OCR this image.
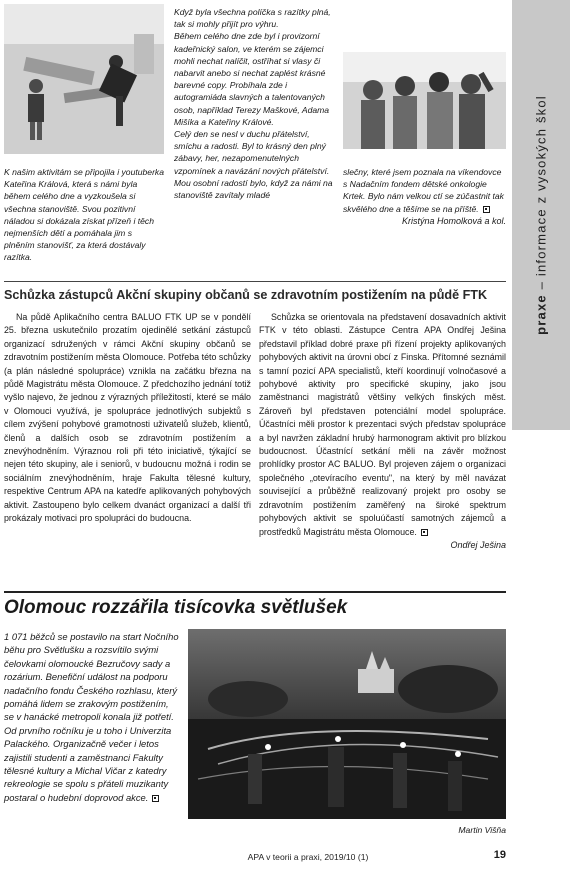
praxe – informace z vysokých škol

K našim aktivitám se připojila i youtuberka Kateřina Králová, která s námi byla během celého dne a vyzkoušela si všechna stanoviště. Svou pozitivní náladou si dokázala získat přízeň i těch nejmenších dětí a pomáhala jim s plněním stanovišť, za která dostávaly razítka.

Když byla všechna políčka s razítky plná, tak si mohly přijít pro výhru.

Během celého dne zde byl i provizorní kadeřnický salon, ve kterém se zájemci mohli nechat nalíčit, ostříhat si vlasy či nabarvit anebo si nechat zaplést krásné barevné copy. Probíhala zde i autogramiáda slavných a talentovaných osob, například Terezy Maškové, Adama Mišíka a Kateřiny Králové.

Celý den se nesl v duchu přátelství, smíchu a radosti. Byl to krásný den plný zábavy, her, nezapomenutelných vzpomínek a navázání nových přátelství. Mou osobní radostí bylo, když za námi na stanoviště zavítaly mladé

slečny, které jsem poznala na víkendovce s Nadačním fondem dětské onkologie Krtek. Bylo nám velkou ctí se zúčastnit tak skvělého dne a těšíme se na příště.

Kristýna Homolková a kol.

Schůzka zástupců Akční skupiny občanů se zdravotním postižením na půdě FTK

Na půdě Aplikačního centra BALUO FTK UP se v pondělí 25. března uskutečnilo prozatím ojedinělé setkání zástupců organizací sdružených v rámci Akční skupiny občanů se zdravotním postižením města Olomouce. Potřeba této schůzky (a plán následné spolupráce) vznikla na začátku března na půdě Magistrátu města Olomouce. Z předchozího jednání totiž vyšlo najevo, že jednou z výrazných příležitostí, které se málo v Olomouci využívá, je spolupráce jednotlivých subjektů s cílem zvýšení pohybové gramotnosti uživatelů služeb, klientů, členů a dalších osob se zdravotním postižením a znevýhodněním. Výraznou roli při této iniciativě, týkající se nejen této skupiny, ale i seniorů, v budoucnu možná i rodin se sociálním znevýhodněním, hraje Fakulta tělesné kultury, respektive Centrum APA na katedře aplikovaných pohybových aktivit. Zastoupeno bylo celkem dvanáct organizací a další tři prokázaly motivaci pro spolupráci do budoucna.

Schůzka se orientovala na představení dosavadních aktivit FTK v této oblasti. Zástupce Centra APA Ondřej Ješina představil příklad dobré praxe při řízení projekty aplikovaných pohybových aktivit na úrovni obcí z Finska. Přítomné seznámil s tamní pozicí APA specialistů, kteří koordinují volnočasové a pohybové aktivity pro specifické skupiny, jako jsou zaměstnanci magistrátů většiny velkých finských měst. Zároveň byl představen potenciální model spolupráce. Účastníci měli prostor k prezentaci svých představ spolupráce a byl navržen základní hrubý harmonogram aktivit pro blízkou budoucnost. Účastnící setkání měli na závěr možnost prohlídky prostor AC BALUO. Byl projeven zájem o organizaci společného „otevíracího eventu", na který by měl navázat související a průběžně realizovaný projekt pro osoby se zdravotním postižením zaměřený na široké spektrum pohybových aktivit se spoluúčastí samotných zájemců a prostředků Magistrátu města Olomouce.

Ondřej Ješina

Olomouc rozzářila tisícovka světlušek
1 071 běžců se postavilo na start Nočního běhu pro Světlušku a rozsvítilo svými čelovkami olomoucké Bezručovy sady a rozárium. Benefiční událost na podporu nadačního fondu Českého rozhlasu, který pomáhá lidem se zrakovým postižením, se v hanácké metropoli konala již potřetí. Od prvního ročníku je u toho i Univerzita Palackého. Organizačně večer i letos zajistili studenti a zaměstnanci Fakulty tělesné kultury a Michal Vičar z katedry rekreologie se spolu s přáteli muzikanty postaral o hudební doprovod akce.
Martin Višňa
APA v teorii a praxi, 2019/10 (1)	19
